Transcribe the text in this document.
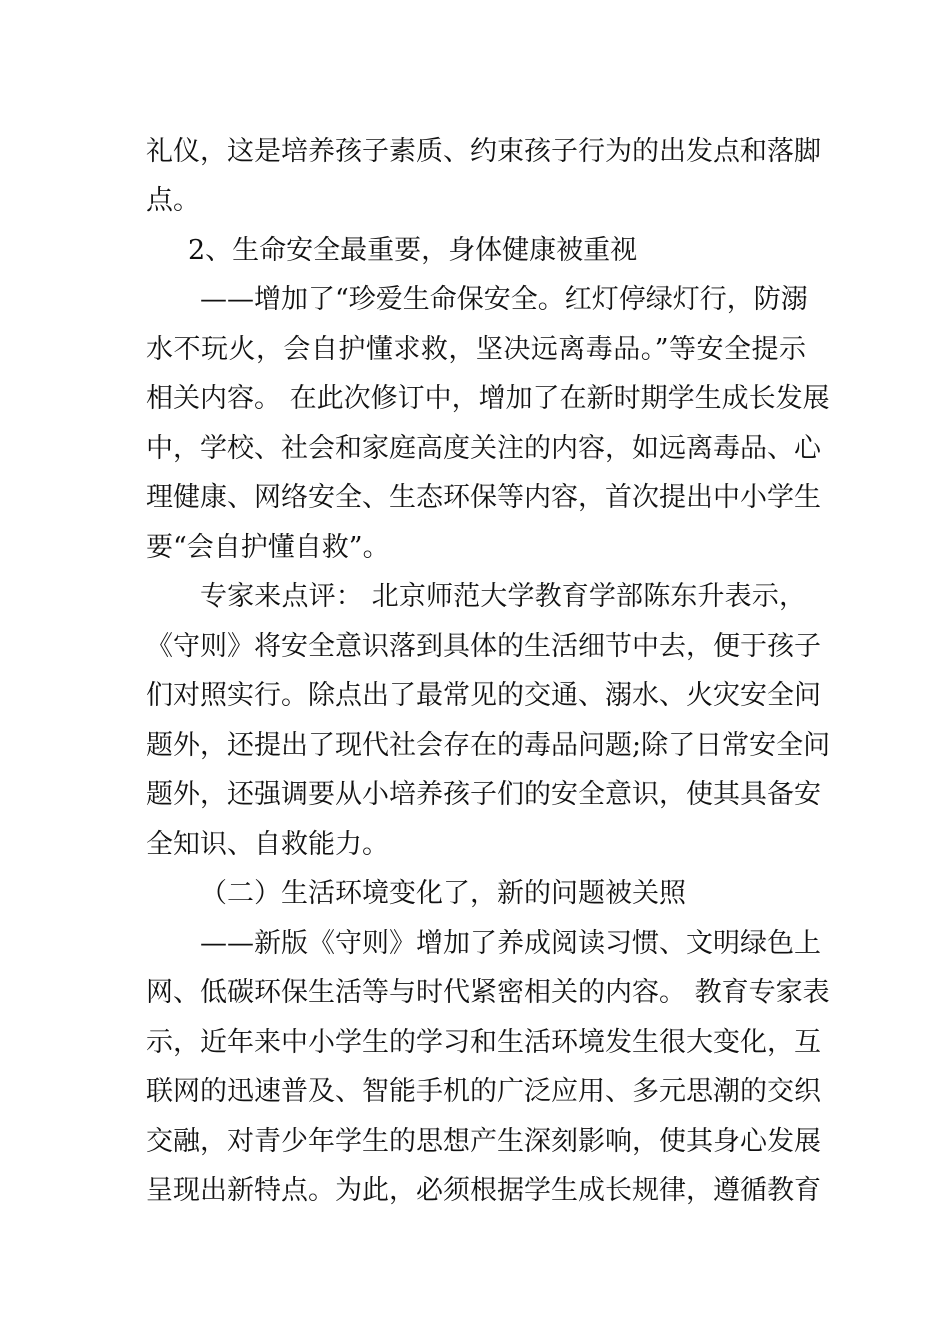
礼仪，这是培养孩子素质、约束孩子行为的出发点和落脚
点。
2、生命安全最重要，身体健康被重视
——增加了“珍爱生命保安全。红灯停绿灯行，防溺
水不玩火，会自护懂求救，坚决远离毒品。”等安全提示
相关内容。 在此次修订中，增加了在新时期学生成长发展
中，学校、社会和家庭高度关注的内容，如远离毒品、心
理健康、网络安全、生态环保等内容，首次提出中小学生
要“会自护懂自救”。
专家来点评： 北京师范大学教育学部陈东升表示，
《守则》将安全意识落到具体的生活细节中去，便于孩子
们对照实行。除点出了最常见的交通、溺水、火灾安全问
题外，还提出了现代社会存在的毒品问题;除了日常安全问
题外，还强调要从小培养孩子们的安全意识，使其具备安
全知识、自救能力。
（二）生活环境变化了，新的问题被关照
——新版《守则》增加了养成阅读习惯、文明绿色上
网、低碳环保生活等与时代紧密相关的内容。 教育专家表
示，近年来中小学生的学习和生活环境发生很大变化，互
联网的迅速普及、智能手机的广泛应用、多元思潮的交织
交融，对青少年学生的思想产生深刻影响，使其身心发展
呈现出新特点。为此，必须根据学生成长规律，遵循教育
